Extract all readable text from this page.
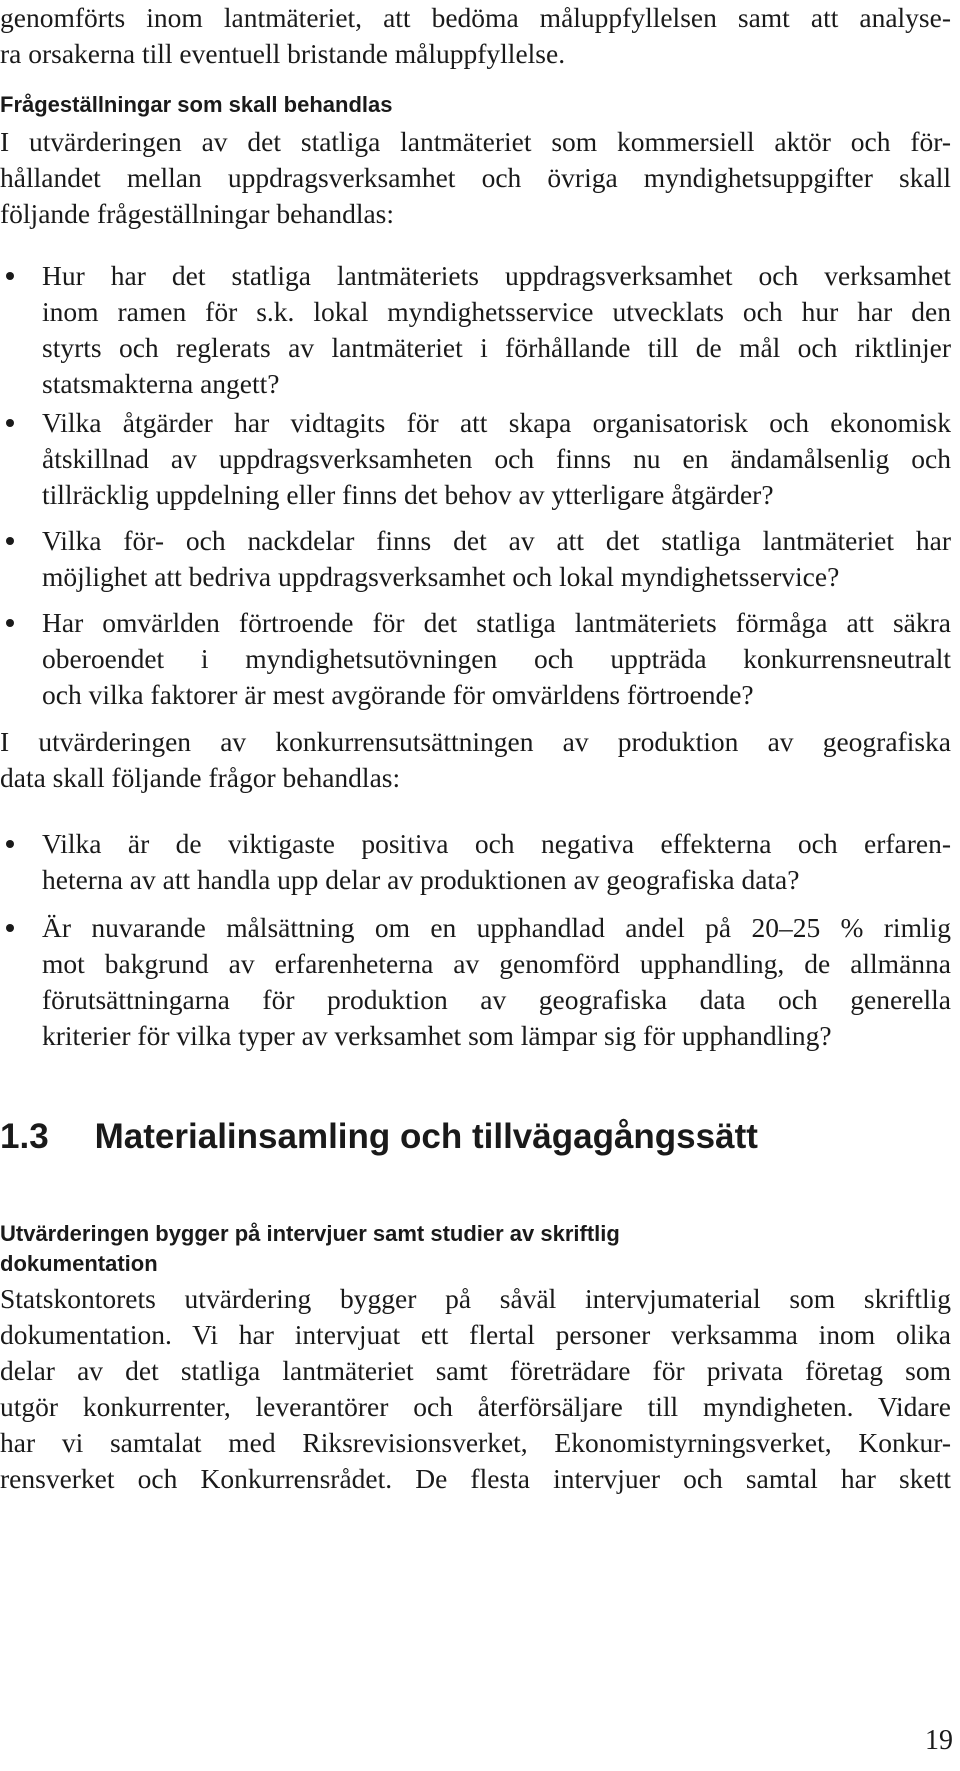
genomförts inom lantmäteriet, att bedöma måluppfyllelsen samt att analyse-
ra orsakerna till eventuell bristande måluppfyllelse.
Frågeställningar som skall behandlas
I utvärderingen av det statliga lantmäteriet som kommersiell aktör och för-
hållandet mellan uppdragsverksamhet och övriga myndighetsuppgifter skall
följande frågeställningar behandlas:
Hur har det statliga lantmäteriets uppdragsverksamhet och verksamhet
inom ramen för s.k. lokal myndighetsservice utvecklats och hur har den
styrts och reglerats av lantmäteriet i förhållande till de mål och riktlinjer
statsmakterna angett?
Vilka åtgärder har vidtagits för att skapa organisatorisk och ekonomisk
åtskillnad av uppdragsverksamheten och finns nu en ändamålsenlig och
tillräcklig uppdelning eller finns det behov av ytterligare åtgärder?
Vilka för- och nackdelar finns det av att det statliga lantmäteriet har
möjlighet att bedriva uppdragsverksamhet och lokal myndighetsservice?
Har omvärlden förtroende för det statliga lantmäteriets förmåga att säkra
oberoendet i myndighetsutövningen och uppträda konkurrensneutralt
och vilka faktorer är mest avgörande för omvärldens förtroende?
I utvärderingen av konkurrensutsättningen av produktion av geografiska
data skall följande frågor behandlas:
Vilka är de viktigaste positiva och negativa effekterna och erfaren-
heterna av att handla upp delar av produktionen av geografiska data?
Är nuvarande målsättning om en upphandlad andel på 20–25 % rimlig
mot bakgrund av erfarenheterna av genomförd upphandling, de allmänna
förutsättningarna för produktion av geografiska data och generella
kriterier för vilka typer av verksamhet som lämpar sig för upphandling?
1.3 Materialinsamling och tillvägagångssätt
Utvärderingen bygger på intervjuer samt studier av skriftlig
dokumentation
Statskontorets utvärdering bygger på såväl intervjumaterial som skriftlig
dokumentation. Vi har intervjuat ett flertal personer verksamma inom olika
delar av det statliga lantmäteriet samt företrädare för privata företag som
utgör konkurrenter, leverantörer och återförsäljare till myndigheten. Vidare
har vi samtalat med Riksrevisionsverket, Ekonomistyrningsverket, Konkur-
rensverket och Konkurrensrådet. De flesta intervjuer och samtal har skett
19
